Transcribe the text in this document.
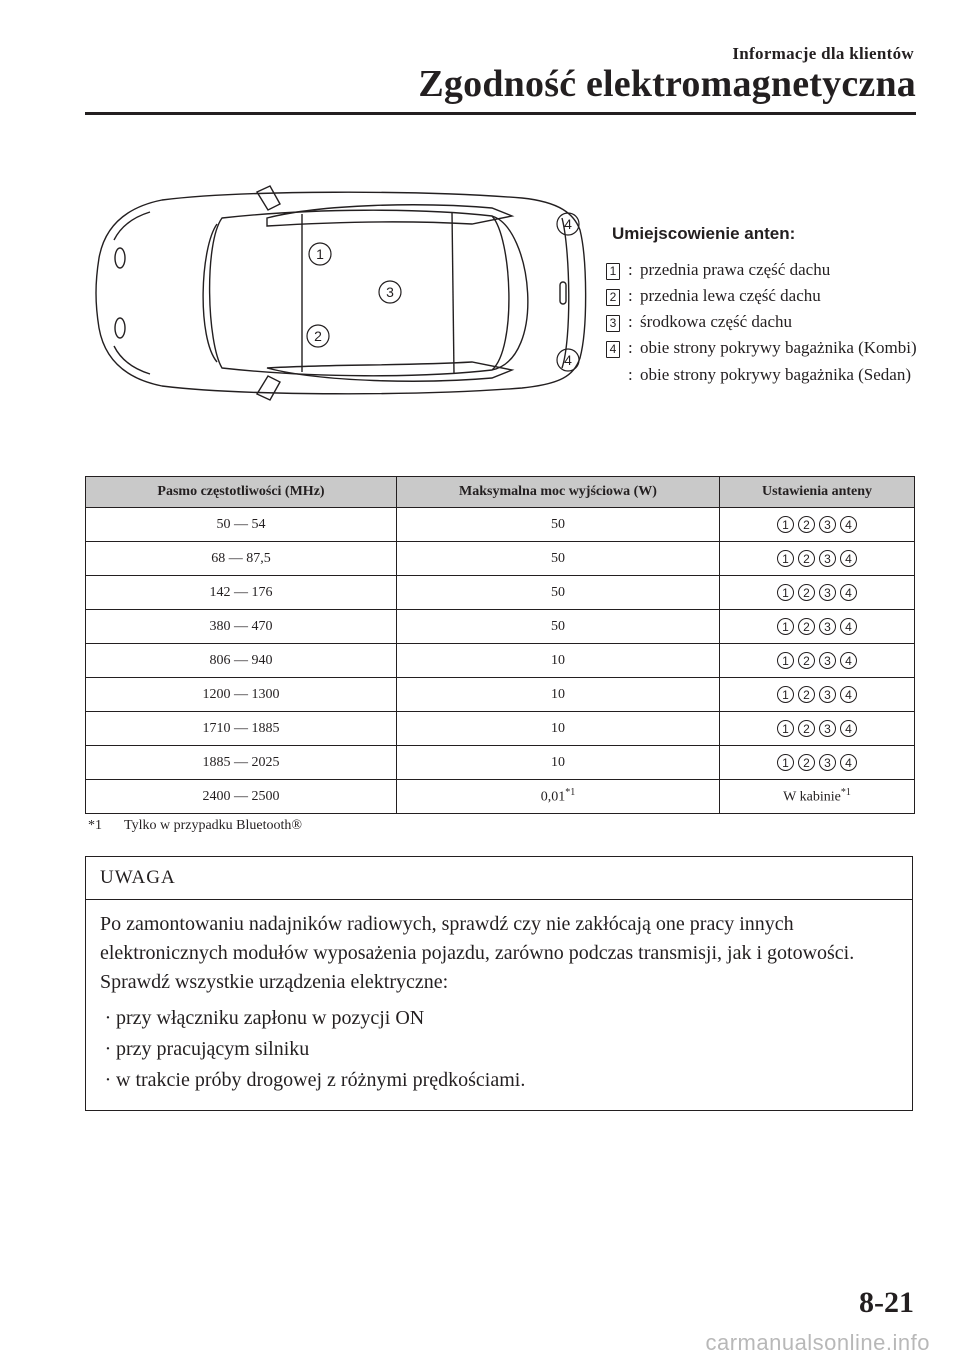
Informacje dla klientów
Zgodność elektromagnetyczna
1
2
3
4
4
Umiejscowienie anten:
1 : przednia prawa część dachu
2 : przednia lewa część dachu
3 : środkowa część dachu
4 : obie strony pokrywy bagażnika (Kombi)
: obie strony pokrywy bagażnika (Sedan)
Pasmo częstotliwości (MHz)	Maksymalna moc wyjściowa (W)	Ustawienia anteny
50 — 54	50	1 2 3 4
68 — 87,5	50	1 2 3 4
142 — 176	50	1 2 3 4
380 — 470	50	1 2 3 4
806 — 940	10	1 2 3 4
1200 — 1300	10	1 2 3 4
1710 — 1885	10	1 2 3 4
1885 — 2025	10	1 2 3 4
2400 — 2500	0,01$^{*1}$	W kabinie$^{*1}$
*1 Tylko w przypadku Bluetooth®
UWAGA

Po zamontowaniu nadajników radiowych, sprawdź czy nie zakłócają one pracy innych elektronicznych modułów wyposażenia pojazdu, zarówno podczas transmisji, jak i gotowości.

Sprawdź wszystkie urządzenia elektryczne:

· przy włączniku zapłonu w pozycji ON
· przy pracującym silniku
· w trakcie próby drogowej z różnymi prędkościami.
8-21
carmanualsonline.info
